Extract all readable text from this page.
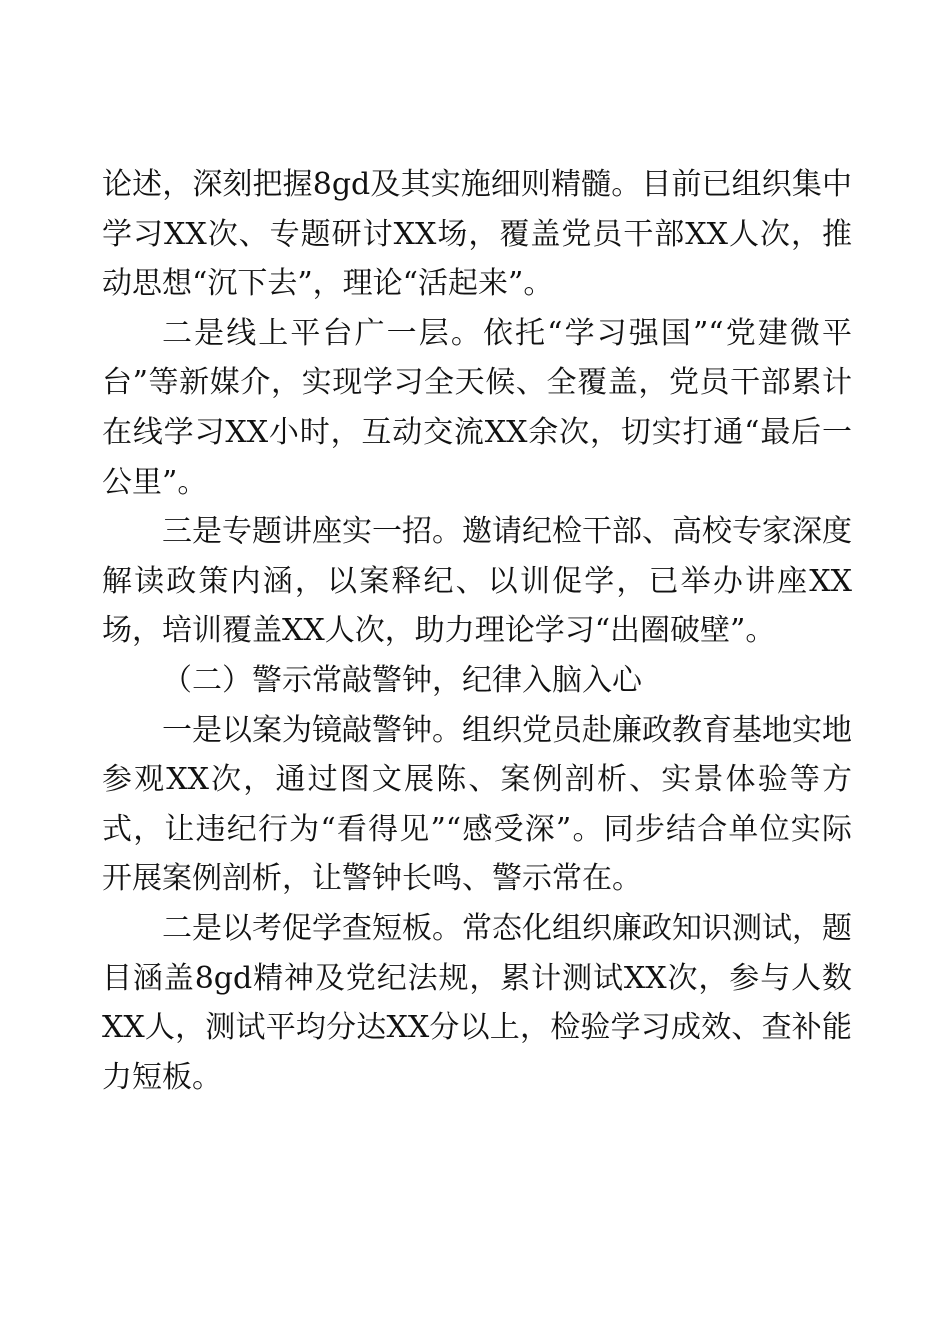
论述，深刻把握8gd及其实施细则精髓。目前已组织集中学习XX次、专题研讨XX场，覆盖党员干部XX人次，推动思想“沉下去”，理论“活起来”。

二是线上平台广一层。依托“学习强国”“党建微平台”等新媒介，实现学习全天候、全覆盖，党员干部累计在线学习XX小时，互动交流XX余次，切实打通“最后一公里”。

三是专题讲座实一招。邀请纪检干部、高校专家深度解读政策内涵，以案释纪、以训促学，已举办讲座XX场，培训覆盖XX人次，助力理论学习“出圈破壁”。

（二）警示常敲警钟，纪律入脑入心

一是以案为镜敲警钟。组织党员赴廉政教育基地实地参观XX次，通过图文展陈、案例剖析、实景体验等方式，让违纪行为“看得见”“感受深”。同步结合单位实际开展案例剖析，让警钟长鸣、警示常在。

二是以考促学查短板。常态化组织廉政知识测试，题目涵盖8gd精神及党纪法规，累计测试XX次，参与人数XX人，测试平均分达XX分以上，检验学习成效、查补能力短板。
